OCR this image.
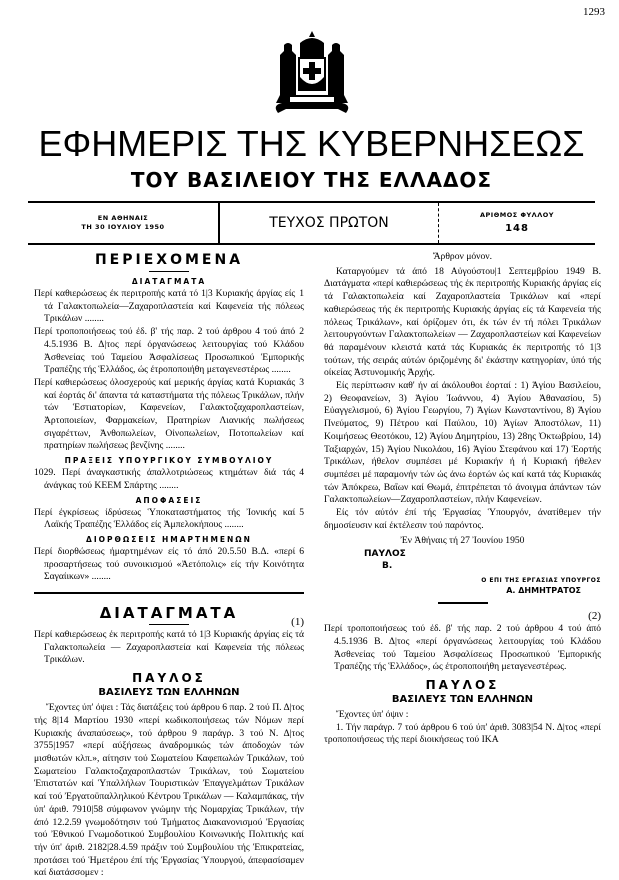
1293
ΕΦΗΜΕΡΙΣ ΤΗΣ ΚΥΒΕΡΝΗΣΕΩΣ
ΤΟΥ ΒΑΣΙΛΕΙΟΥ ΤΗΣ ΕΛΛΑΔΟΣ
ΕΝ ΑΘΗΝΑΙΣ
ΤΗ 30 ΙΟΥΛΙΟΥ 1950	ΤΕΥΧΟΣ ΠΡΩΤΟΝ	ΑΡΙΘΜΟΣ ΦΥΛΛΟΥ
148
ΠΕΡΙΕΧΟΜΕΝΑ
ΔΙΑΤΑΓΜΑΤΑ
1
Περί καθιερώσεως έκ περιτροπής κατά τό 1|3 Κυριακής άργίας είς τά Γαλακτοπωλεία—Ζαχαροπλαστεία καί Καφενεία τής πόλεως Τρικάλων ........
2
Περί τροποποιήσεως τού έδ. β' τής παρ. 2 τού άρθρου 4 τού άπό 4.5.1936 Β. Δ|τος περί όργανώσεως λειτουργίας τού Κλάδου Ἀσθενείας τού Ταμείου Ἀσφαλίσεως Προσωπικού Ἐμπορικής Τραπέζης τής Ἑλλάδος, ώς έτροποποιήθη μεταγενεστέρως ........
3
Περί καθιερώσεως όλοσχερούς καί μερικής άργίας κατά Κυριακάς καί έορτάς δι' άπαντα τά καταστήματα τής πόλεως Τρικάλων, πλήν τών Ἑστιατορίων, Καφενείων, Γαλακτοζαχαροπλαστείων, Ἀρτοποιείων, Φαρμακείων, Πρατηρίων Λιανικής πωλήσεως σιγαρέττων, Ἀνθοπωλείων, Οἰνοπωλείων, Ποτοπωλείων καί πρατηρίων πωλήσεως βενζίνης ........
ΠΡΑΞΕΙΣ ΥΠΟΥΡΓΙΚΟΥ ΣΥΜΒΟΥΛΙΟΥ
4
1029. Περί άναγκαστικής άπαλλοτριώσεως κτημάτων διά τάς άνάγκας τού ΚΕΕΜ Σπάρτης ........
ΑΠΟΦΑΣΕΙΣ
5
Περί έγκρίσεως ίδρύσεως Ὑποκαταστήματος τής Ἰονικής καί Λαϊκής Τραπέζης Ἑλλάδος είς Ἀμπελοκήπους ........
ΔΙΟΡΘΩΣΕΙΣ ΗΜΑΡΤΗΜΕΝΩΝ
6
Περί διορθώσεως ήμαρτημένων είς τό άπό 20.5.50 Β.Δ. «περί προσαρτήσεως τού συνοικισμού «Ἀετόπολις» είς τήν Κοινότητα Σαγαίικων» ........
ΔΙΑΤΑΓΜΑΤΑ	(1)
Περί καθιερώσεως έκ περιτροπής κατά τό 1|3 Κυριακής άργίας είς τά Γαλακτοπωλεία — Ζαχαροπλαστεία καί Καφενεία τής πόλεως Τρικάλων.
ΠΑΥΛΟΣ
ΒΑΣΙΛΕΥΣ ΤΩΝ ΕΛΛΗΝΩΝ
Ἔχοντες ύπ' όψει : Τάς διατάξεις τού άρθρου 6 παρ. 2 τού Π. Δ|τος τής 8|14 Μαρτίου 1930 «περί κωδικοποιήσεως τών Νόμων περί Κυριακής άναπαύσεως», τού άρθρου 9 παράγρ. 3 τού Ν. Δ|τος 3755|1957 «περί αύξήσεως άναδρομικώς τών άποδοχών τών μισθωτών κλπ.», αίτησιν τού Σωματείου Καφεπωλών Τρικάλων, τού Σωματείου Γαλακτοζαχαροπλαστών Τρικάλων, τού Σωματείου Ἐπιστατών καί Ὑπαλλήλων Τουριστικών Ἐπαγγελμάτων Τρικάλων καί τού Ἐργατοϋπαλληλικού Κέντρου Τρικάλων — Καλαμπάκας, τήν ύπ' άριθ. 7910|58 σύμφωνον γνώμην τής Νομαρχίας Τρικάλων, τήν άπό 12.2.59 γνωμοδότησιν τού Τμήματος Διακανονισμού Ἐργασίας τού Ἐθνικού Γνωμοδοτικού Συμβουλίου Κοινωνικής Πολιτικής καί τήν ύπ' άριθ. 2182|28.4.59 πράξιν τού Συμβουλίου τής Ἐπικρατείας, προτάσει τού Ἡμετέρου έπί τής Ἐργασίας Ὑπουργού, άπεφασίσαμεν καί διατάσσομεν :
Ἄρθρον μόνον.
Καταργούμεν τά άπό 18 Αὐγούστου|1 Σεπτεμβρίου 1949 Β. Διατάγματα «περί καθιερώσεως τής έκ περιτροπής Κυριακής άργίας είς τά Γαλακτοπωλεία καί Ζαχαροπλαστεία Τρικάλων καί «περί καθιερώσεως τής έκ περιτροπής Κυριακής άργίας είς τά Καφενεία τής πόλεως Τρικάλων», καί όρίζομεν ότι, έκ τών έν τή πόλει Τρικάλων λειτουργούντων Γαλακτοπωλείων — Ζαχαροπλαστείων καί Καφενείων θά παραμένουν κλειστά κατά τάς Κυριακάς έκ περιτροπής τό 1|3 τούτων, τής σειράς αύτών όριζομένης δι' έκάστην κατηγορίαν, ύπό τής οίκείας Ἀστυνομικής Ἀρχής.
Είς περίπτωσιν καθ' ήν αί άκόλουθοι έορταί : 1) Ἁγίου Βασιλείου, 2) Θεοφανείων, 3) Ἁγίου Ἰωάννου, 4) Ἁγίου Ἀθανασίου, 5) Εὐαγγελισμού, 6) Ἁγίου Γεωργίου, 7) Ἁγίων Κωνσταντίνου, 8) Ἁγίου Πνεύματος, 9) Πέτρου καί Παύλου, 10) Ἁγίων Ἀποστόλων, 11) Κοιμήσεως Θεοτόκου, 12) Ἁγίου Δημητρίου, 13) 28ης Ὀκτωβρίου, 14) Ταξιαρχών, 15) Ἁγίου Νικολάου, 16) Ἁγίου Στεφάνου καί 17) Ἑορτής Τρικάλων, ήθελον συμπέσει μέ Κυριακήν ή ή Κυριακή ήθελεν συμπέσει μέ παραμονήν τών ώς άνω έορτών ώς καί κατά τάς Κυριακάς τών Ἀπόκρεω, Βαΐων καί Θωμά, έπιτρέπεται τό άνοιγμα άπάντων τών Γαλακτοπωλείων—Ζαχαροπλαστείων, πλήν Καφενείων.
Είς τόν αύτόν έπί τής Ἐργασίας Ὑπουργόν, άνατίθεμεν τήν δημοσίευσιν καί έκτέλεσιν τού παρόντος.
Ἐν Ἀθήναις τή 27 Ἰουνίου 1950
ΠΑΥΛΟΣ
Β.
Ο ΕΠΙ ΤΗΣ ΕΡΓΑΣΙΑΣ ΥΠΟΥΡΓΟΣ
Α. ΔΗΜΗΤΡΑΤΟΣ
(2)
Περί τροποποιήσεως τού έδ. β' τής παρ. 2 τού άρθρου 4 τού άπό 4.5.1936 Β. Δ|τος «περί όργανώσεως λειτουργίας τού Κλάδου Ἀσθενείας τού Ταμείου Ἀσφαλίσεως Προσωπικού Ἐμπορικής Τραπέζης τής Ἑλλάδος», ώς έτροποποιήθη μεταγενεστέρως.
ΠΑΥΛΟΣ
ΒΑΣΙΛΕΥΣ ΤΩΝ ΕΛΛΗΝΩΝ
Ἔχοντες ύπ' όψιν :
1. Τήν παράγρ. 7 τού άρθρου 6 τού ύπ' άριθ. 3083|54 Ν. Δ|τος «περί τροποποιήσεως τής περί διοικήσεως τού ΙΚΑ
